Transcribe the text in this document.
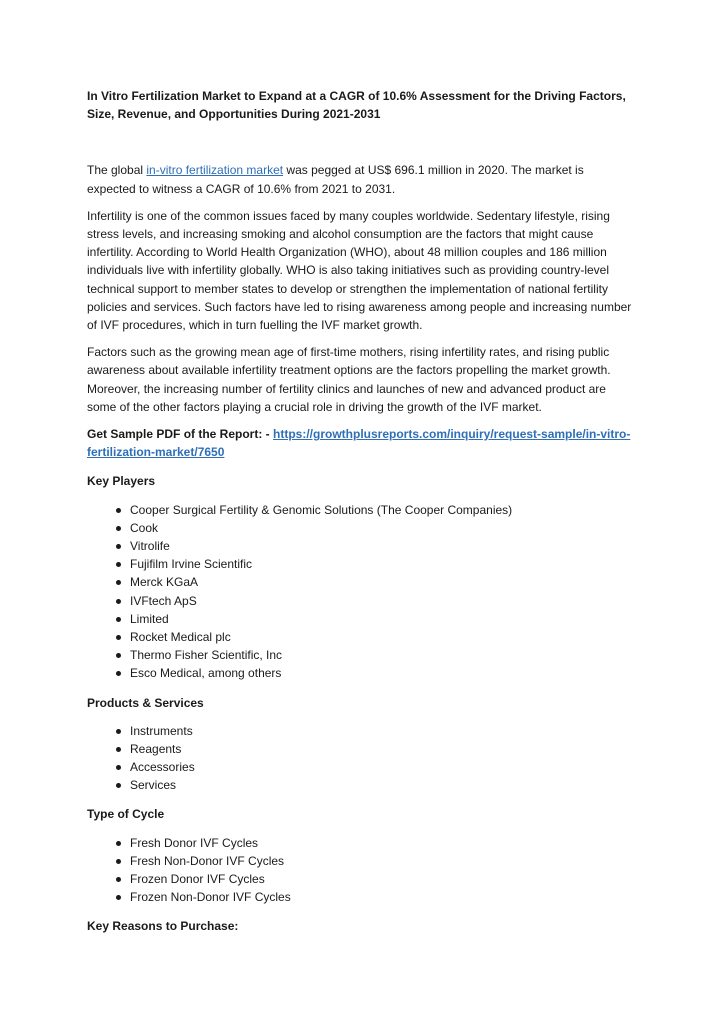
In Vitro Fertilization Market to Expand at a CAGR of 10.6% Assessment for the Driving Factors, Size, Revenue, and Opportunities During 2021-2031

The global in-vitro fertilization market was pegged at US$ 696.1 million in 2020. The market is expected to witness a CAGR of 10.6% from 2021 to 2031.

Infertility is one of the common issues faced by many couples worldwide. Sedentary lifestyle, rising stress levels, and increasing smoking and alcohol consumption are the factors that might cause infertility. According to World Health Organization (WHO), about 48 million couples and 186 million individuals live with infertility globally. WHO is also taking initiatives such as providing country-level technical support to member states to develop or strengthen the implementation of national fertility policies and services. Such factors have led to rising awareness among people and increasing number of IVF procedures, which in turn fuelling the IVF market growth.

Factors such as the growing mean age of first-time mothers, rising infertility rates, and rising public awareness about available infertility treatment options are the factors propelling the market growth. Moreover, the increasing number of fertility clinics and launches of new and advanced product are some of the other factors playing a crucial role in driving the growth of the IVF market.

Get Sample PDF of the Report: - https://growthplusreports.com/inquiry/request-sample/in-vitro-fertilization-market/7650

Key Players

Cooper Surgical Fertility & Genomic Solutions (The Cooper Companies)
Cook
Vitrolife
Fujifilm Irvine Scientific
Merck KGaA
IVFtech ApS
Limited
Rocket Medical plc
Thermo Fisher Scientific, Inc
Esco Medical, among others

Products & Services

Instruments
Reagents
Accessories
Services

Type of Cycle

Fresh Donor IVF Cycles
Fresh Non-Donor IVF Cycles
Frozen Donor IVF Cycles
Frozen Non-Donor IVF Cycles

Key Reasons to Purchase:
